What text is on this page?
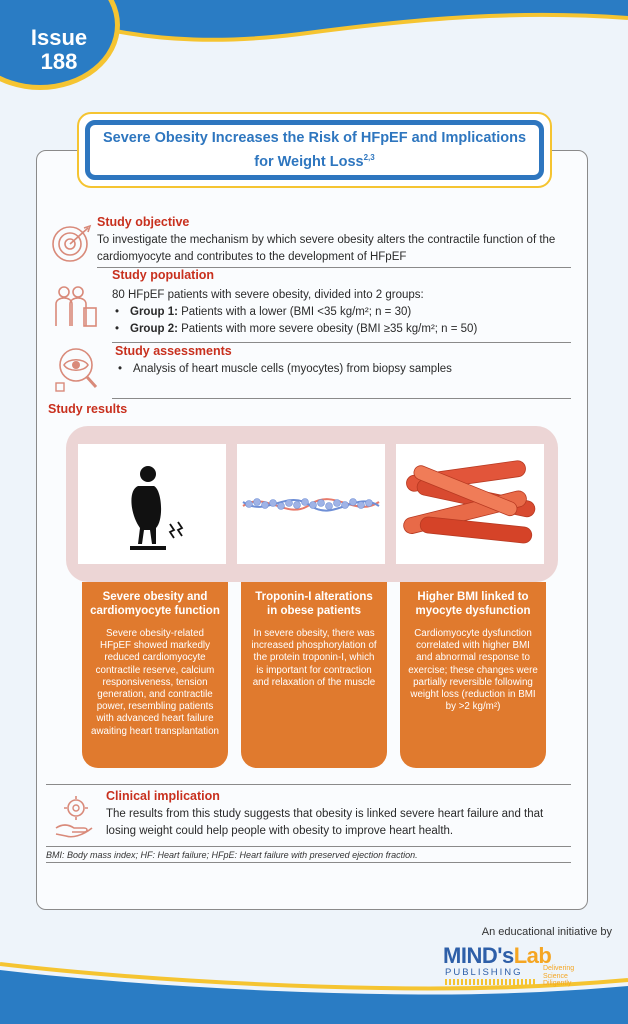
Issue
188
Severe Obesity Increases the Risk of HFpEF and Implications
for Weight Loss$^{2,3}$
Study objective
To investigate the mechanism by which severe obesity alters the contractile function of the cardiomyocyte and contributes to the development of HFpEF
Study population
80 HFpEF patients with severe obesity, divided into 2 groups:
• Group 1: Patients with a lower (BMI <35 kg/m²; n = 30)
• Group 2: Patients with more severe obesity (BMI ≥35 kg/m²; n = 50)
Study assessments
• Analysis of heart muscle cells (myocytes) from biopsy samples
Study results
Severe obesity and cardiomyocyte function
Severe obesity-related HFpEF showed markedly reduced cardiomyocyte contractile reserve, calcium responsiveness, tension generation, and contractile power, resembling patients with advanced heart failure awaiting heart transplantation
Troponin-I alterations in obese patients
In severe obesity, there was increased phosphorylation of the protein troponin-I, which is important for contraction and relaxation of the muscle
Higher BMI linked to myocyte dysfunction
Cardiomyocyte dysfunction correlated with higher BMI and abnormal response to exercise; these changes were partially reversible following weight loss (reduction in BMI by >2 kg/m²)
Clinical implication
The results from this study suggests that obesity is linked severe heart failure and that losing weight could help people with obesity to improve heart health.
BMI: Body mass index; HF: Heart failure; HFpE: Heart failure with preserved ejection fraction.
An educational initiative by
MIND'sLab
PUBLISHING	Delivering
Science
Diligently
